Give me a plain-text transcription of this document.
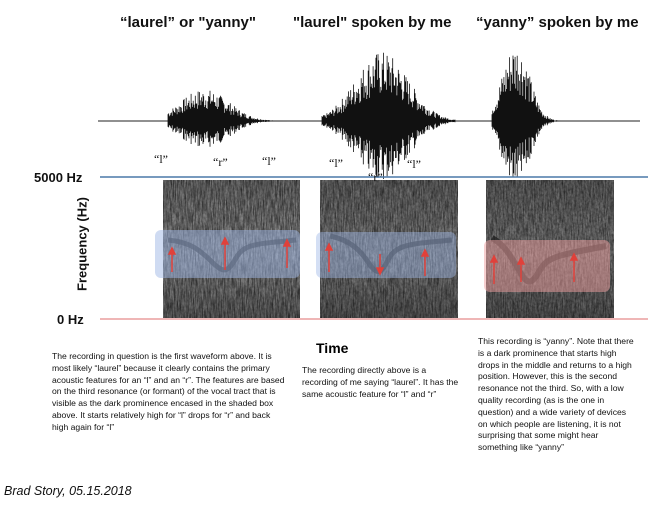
“laurel” or "yanny" "laurel" spoken by me “yanny” spoken by me
“l”	“r”	“l”	“l”
“r”
“l”
5000 Hz
0 Hz
Frequency (Hz)
Time
The recording in question is the first waveform above. It is most likely “laurel” because it clearly contains the primary acoustic features for an “l” and an “r”. The features are based on the third resonance (or formant) of the vocal tract that is visible as the dark prominence encased in the shaded box above. It starts relatively high for “l” drops for “r” and back high again for “l”
The recording directly above is a recording of me saying “laurel”. It has the same acoustic feature for “l” and “r”
This recording is “yanny”. Note that there is a dark prominence that starts high drops in the middle and returns to a high position. However, this is the second resonance not the third. So, with a low quality recording (as is the one in question) and a wide variety of devices on which people are listening, it is not surprising that some might hear something like “yanny”
Brad Story, 05.15.2018
